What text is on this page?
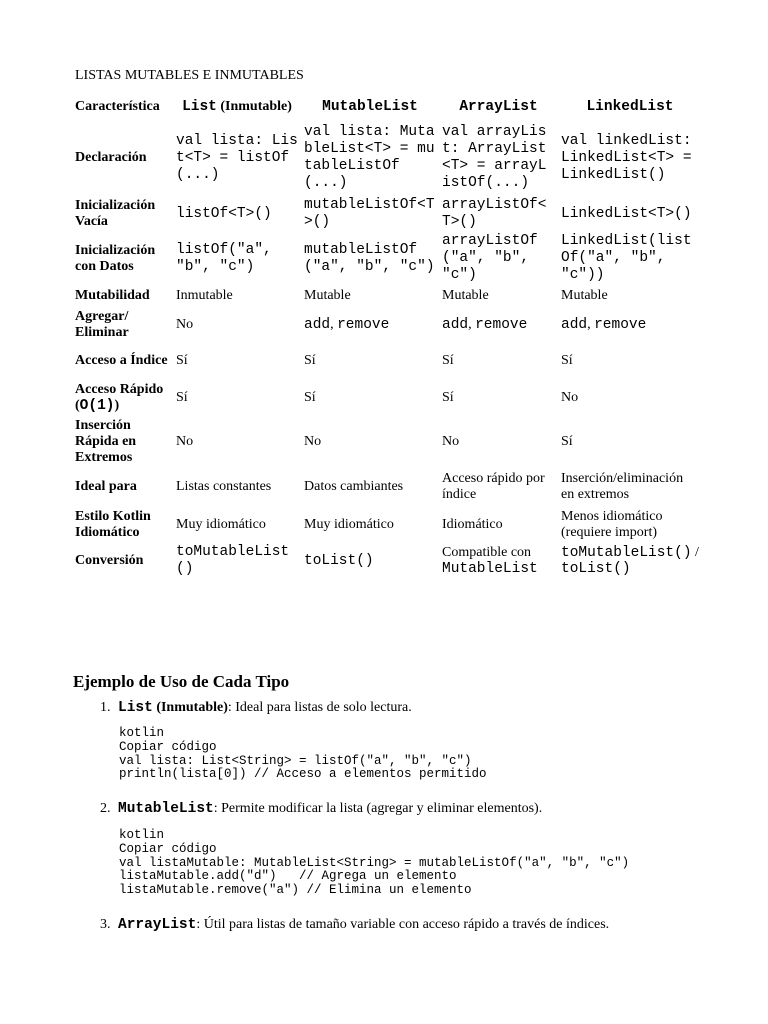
LISTAS MUTABLES E INMUTABLES
Característica	List (Inmutable)	MutableList	ArrayList	LinkedList
Declaración	val lista: List<T> = listOf(...)	val lista: MutableList<T> = mutableListOf(...)	val arrayList: ArrayList<T> = arrayListOf(...)	val linkedList: LinkedList<T> = LinkedList()
Inicialización Vacía	listOf<T>()	mutableListOf<T>()	arrayListOf<T>()	LinkedList<T>()
Inicialización con Datos	listOf("a", "b", "c")	mutableListOf("a", "b", "c")	arrayListOf("a", "b", "c")	LinkedList(listOf("a", "b", "c"))
Mutabilidad	Inmutable	Mutable	Mutable	Mutable
Agregar/ Eliminar	No	add, remove	add, remove	add, remove
Acceso a Índice	Sí	Sí	Sí	Sí
Acceso Rápido (O(1))	Sí	Sí	Sí	No
Inserción Rápida en Extremos	No	No	No	Sí
Ideal para	Listas constantes	Datos cambiantes	Acceso rápido por índice	Inserción/eliminación en extremos
Estilo Kotlin Idiomático	Muy idiomático	Muy idiomático	Idiomático	Menos idiomático (requiere import)
Conversión	toMutableList()	toList()	Compatible con MutableList	toMutableList() / toList()
Ejemplo de Uso de Cada Tipo
1. List (Inmutable): Ideal para listas de solo lectura.
kotlin
Copiar código
val lista: List<String> = listOf("a", "b", "c")
println(lista[0]) // Acceso a elementos permitido
2. MutableList: Permite modificar la lista (agregar y eliminar elementos).
kotlin
Copiar código
val listaMutable: MutableList<String> = mutableListOf("a", "b", "c")
listaMutable.add("d")   // Agrega un elemento
listaMutable.remove("a") // Elimina un elemento
3. ArrayList: Útil para listas de tamaño variable con acceso rápido a través de índices.
